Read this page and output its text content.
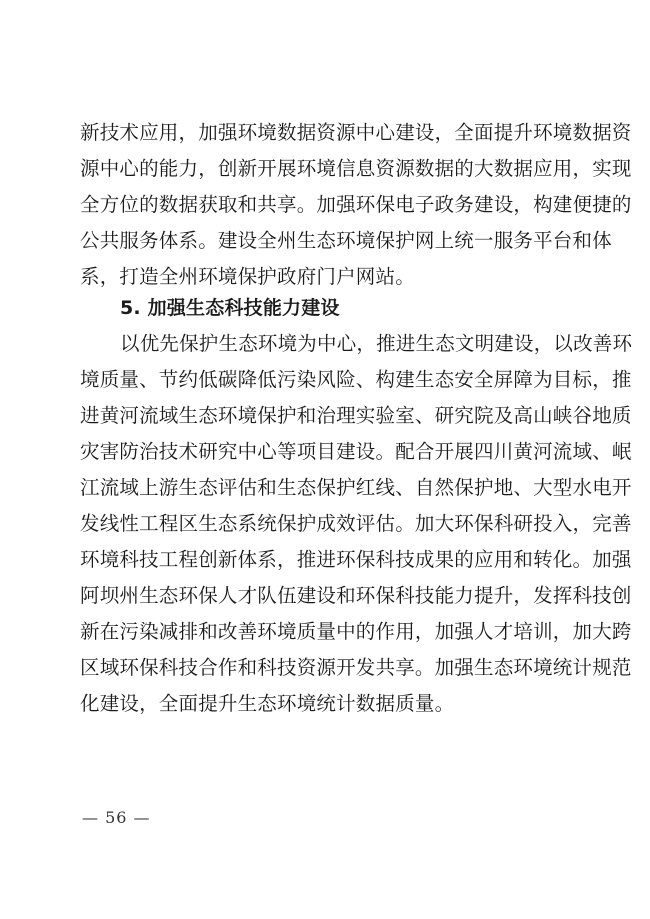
新技术应用，加强环境数据资源中心建设，全面提升环境数据资
源中心的能力，创新开展环境信息资源数据的大数据应用，实现
全方位的数据获取和共享。加强环保电子政务建设，构建便捷的
公共服务体系。建设全州生态环境保护网上统一服务平台和体
系，打造全州环境保护政府门户网站。
5. 加强生态科技能力建设
以优先保护生态环境为中心，推进生态文明建设，以改善环
境质量、节约低碳降低污染风险、构建生态安全屏障为目标，推
进黄河流域生态环境保护和治理实验室、研究院及高山峡谷地质
灾害防治技术研究中心等项目建设。配合开展四川黄河流域、岷
江流域上游生态评估和生态保护红线、自然保护地、大型水电开
发线性工程区生态系统保护成效评估。加大环保科研投入，完善
环境科技工程创新体系，推进环保科技成果的应用和转化。加强
阿坝州生态环保人才队伍建设和环保科技能力提升，发挥科技创
新在污染减排和改善环境质量中的作用，加强人才培训，加大跨
区域环保科技合作和科技资源开发共享。加强生态环境统计规范
化建设，全面提升生态环境统计数据质量。
— 56 —
